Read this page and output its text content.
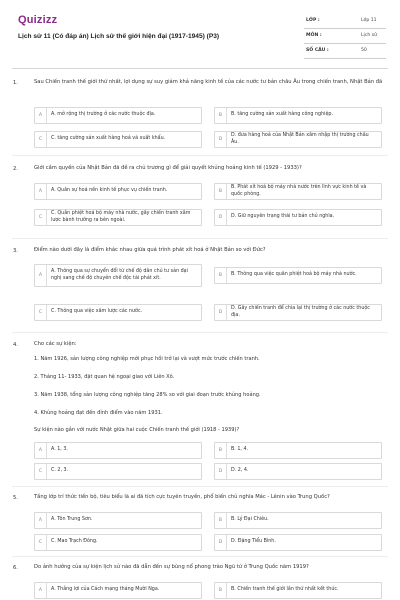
Quizizz
Lịch sử 11 (Có đáp án) Lịch sử thế giới hiện đại (1917-1945) (P3)
LỚP :	Lớp 11
MÔN :	Lịch sử
SỐ CÂU :	50
1.	Sau Chiến tranh thế giới thứ nhất, lợi dụng sự suy giảm khả năng kinh tế của các nước tư bản châu Âu trong chiến tranh, Nhật Bản đã
A	A. mở rộng thị trường ở các nước thuộc địa.	B	B. tăng cường sản xuất hàng công nghiệp.
C	C. tăng cường sản xuất hàng hoá và xuất khẩu.	D
D. đưa hàng hoá của Nhật Bản xâm nhập thị trường châu Âu.
2.	Giới cầm quyền của Nhật Bản đã đề ra chủ trương gì để giải quyết khủng hoảng kinh tế (1929 - 1933)?
A	A. Quân sự hoá nền kinh tế phục vụ chiến tranh.	B
B. Phát xít hoá bộ máy nhà nước trên lĩnh vực kinh tế và quốc phòng.
C
C. Quân phiệt hoá bộ máy nhà nước, gây chiến tranh xâm lược bành trướng ra bên ngoài.	D	D. Giữ nguyên trạng thái tư bản chủ nghĩa.
3.	Điểm nào dưới đây là điểm khác nhau giữa quá trình phát xít hoá ở Nhật Bản so với Đức?
A
A. Thông qua sự chuyển đổi từ chế độ dân chủ tư sản đại nghị sang chế độ chuyên chế độc tài phát xít.	B	B. Thông qua việc quân phiệt hoá bộ máy nhà nước.
C	C. Thông qua việc xâm lược các nước.	D
D. Gây chiến tranh để chia lại thị trường ở các nước thuộc địa.
4.	Cho các sự kiện:
1. Năm 1926, sản lượng công nghiệp mới phục hồi trở lại và vượt mức trước chiến tranh.
2. Tháng 11- 1933, đặt quan hệ ngoại giao với Liên Xô.
3. Năm 1938, tổng sản lượng công nghiệp tăng 28% so với giai đoạn trước khủng hoảng.
4. Khủng hoảng đạt đến đỉnh điểm vào năm 1931.
Sự kiện nào gắn với nước Nhật giữa hai cuộc Chiến tranh thế giới (1918 - 1939)?
A	A. 1, 3.	B	B. 1, 4.
C	C. 2, 3.	D	D. 2, 4.
5.	Tầng lớp trí thức tiến bộ, tiêu biểu là ai đã tích cực tuyên truyền, phổ biến chủ nghĩa Mác - Lênin vào Trung Quốc?
A	A. Tôn Trung Sơn.	B	B. Lý Đại Chiêu.
C	C. Mao Trạch Đông.	D	D. Đặng Tiểu Bình.
6.	Do ảnh hưởng của sự kiện lịch sử nào đã dẫn đến sự bùng nổ phong trào Ngũ tứ ở Trung Quốc năm 1919?
A	A. Thắng lợi của Cách mạng tháng Mười Nga.	B	B. Chiến tranh thế giới lần thứ nhất kết thúc.
